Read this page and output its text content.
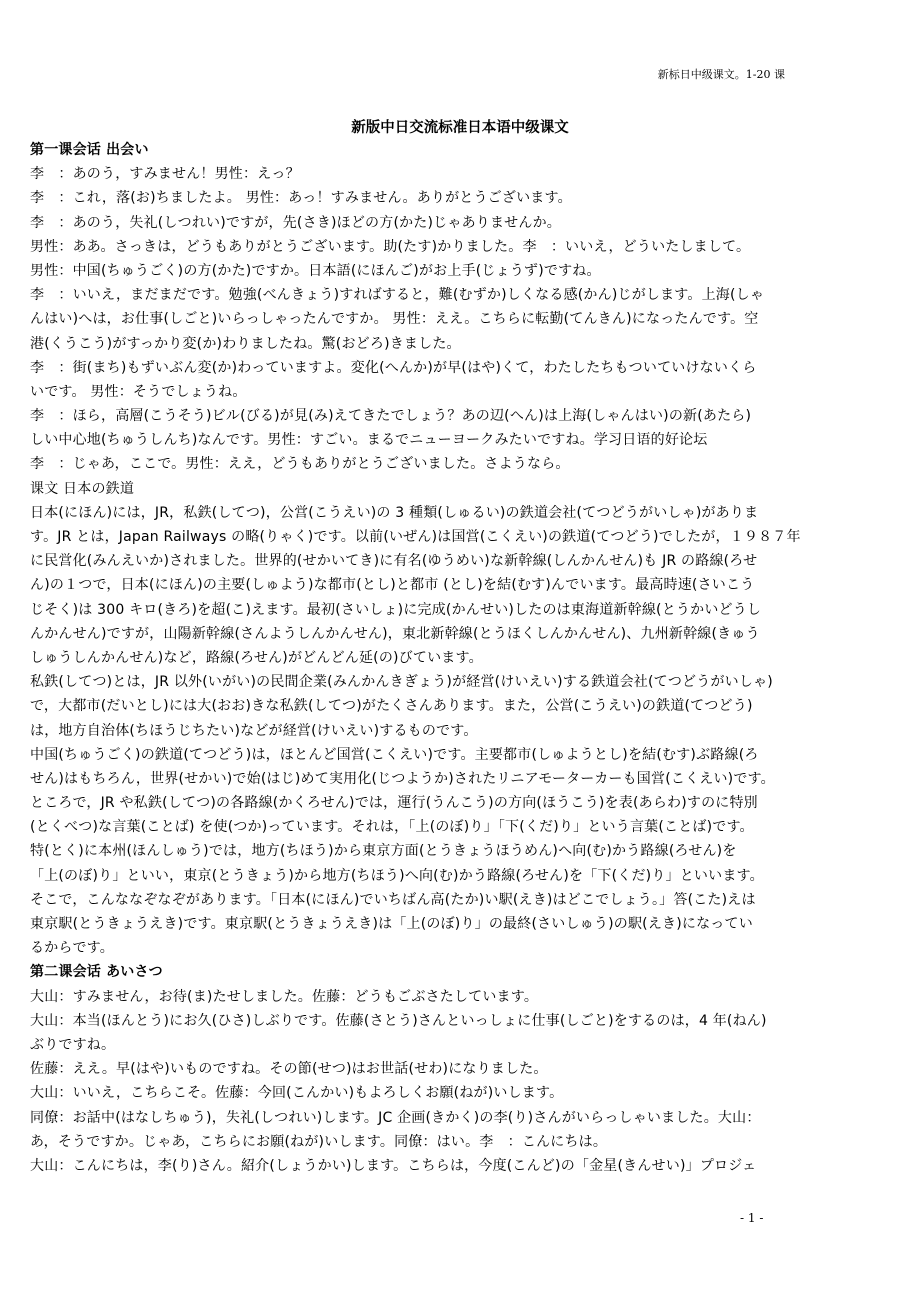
新标日中级课文。1-20 课
新版中日交流标准日本语中级课文
第一课会话 出会い
李　：あのう，すみません！男性：えっ？
李　：これ，落(お)ちましたよ。 男性：あっ！すみません。ありがとうございます。
李　：あのう，失礼(しつれい)ですが，先(さき)ほどの方(かた)じゃありませんか。
男性：ああ。さっきは，どうもありがとうございます。助(たす)かりました。李　：いいえ，どういたしまして。
男性：中国(ちゅうごく)の方(かた)ですか。日本語(にほんご)がお上手(じょうず)ですね。
李　：いいえ，まだまだです。勉強(べんきょう)すればすると，難(むずか)しくなる感(かん)じがします。上海(しゃ
んはい)へは，お仕事(しごと)いらっしゃったんですか。 男性：ええ。こちらに転勤(てんきん)になったんです。空
港(くうこう)がすっかり変(か)わりましたね。驚(おどろ)きました。
李　：街(まち)もずいぶん変(か)わっていますよ。変化(へんか)が早(はや)くて，わたしたちもついていけないくら
いです。 男性：そうでしょうね。
李　：ほら，高層(こうそう)ビル(びる)が見(み)えてきたでしょう？あの辺(へん)は上海(しゃんはい)の新(あたら)
しい中心地(ちゅうしんち)なんです。男性：すごい。まるでニューヨークみたいですね。学习日语的好论坛
李　：じゃあ，ここで。男性：ええ，どうもありがとうございました。さようなら。
课文 日本の鉄道
日本(にほん)には，JR，私鉄(してつ)，公営(こうえい)の 3 種類(しゅるい)の鉄道会社(てつどうがいしゃ)がありま
す。JR とは，Japan Railways の略(りゃく)です。以前(いぜん)は国営(こくえい)の鉄道(てつどう)でしたが，１９８７年
に民営化(みんえいか)されました。世界的(せかいてき)に有名(ゆうめい)な新幹線(しんかんせん)も JR の路線(ろせ
ん)の１つで，日本(にほん)の主要(しゅよう)な都市(とし)と都市 (とし)を結(むす)んでいます。最高時速(さいこう
じそく)は 300 キロ(きろ)を超(こ)えます。最初(さいしょ)に完成(かんせい)したのは東海道新幹線(とうかいどうし
んかんせん)ですが，山陽新幹線(さんようしんかんせん)，東北新幹線(とうほくしんかんせん)、九州新幹線(きゅう
しゅうしんかんせん)など，路線(ろせん)がどんどん延(の)びています。
私鉄(してつ)とは，JR 以外(いがい)の民間企業(みんかんきぎょう)が経営(けいえい)する鉄道会社(てつどうがいしゃ)
で，大都市(だいとし)には大(おお)きな私鉄(してつ)がたくさんあります。また，公営(こうえい)の鉄道(てつどう)
は，地方自治体(ちほうじちたい)などが経営(けいえい)するものです。
中国(ちゅうごく)の鉄道(てつどう)は，ほとんど国営(こくえい)です。主要都市(しゅようとし)を結(むす)ぶ路線(ろ
せん)はもちろん，世界(せかい)で始(はじ)めて実用化(じつようか)されたリニアモーターカーも国営(こくえい)です。
ところで，JR や私鉄(してつ)の各路線(かくろせん)では，運行(うんこう)の方向(ほうこう)を表(あらわ)すのに特別
(とくべつ)な言葉(ことば) を使(つか)っています。それは，「上(のぼ)り」「下(くだ)り」という言葉(ことば)です。
特(とく)に本州(ほんしゅう)では，地方(ちほう)から東京方面(とうきょうほうめん)へ向(む)かう路線(ろせん)を
「上(のぼ)り」といい，東京(とうきょう)から地方(ちほう)へ向(む)かう路線(ろせん)を「下(くだ)り」といいます。
そこで，こんななぞなぞがあります。「日本(にほん)でいちばん高(たか)い駅(えき)はどこでしょう。」答(こた)えは
東京駅(とうきょうえき)です。東京駅(とうきょうえき)は「上(のぼ)り」の最終(さいしゅう)の駅(えき)になってい
るからです。
第二课会话 あいさつ
大山：すみません，お待(ま)たせしました。佐藤：どうもごぶさたしています。
大山：本当(ほんとう)にお久(ひさ)しぶりです。佐藤(さとう)さんといっしょに仕事(しごと)をするのは，4 年(ねん)
ぶりですね。
佐藤：ええ。早(はや)いものですね。その節(せつ)はお世話(せわ)になりました。
大山：いいえ，こちらこそ。佐藤：今回(こんかい)もよろしくお願(ねが)いします。
同僚：お話中(はなしちゅう)，失礼(しつれい)します。JC 企画(きかく)の李(り)さんがいらっしゃいました。大山：
あ，そうですか。じゃあ，こちらにお願(ねが)いします。同僚：はい。李　：こんにちは。
大山：こんにちは，李(り)さん。紹介(しょうかい)します。こちらは，今度(こんど)の「金星(きんせい)」プロジェ
- 1 -
